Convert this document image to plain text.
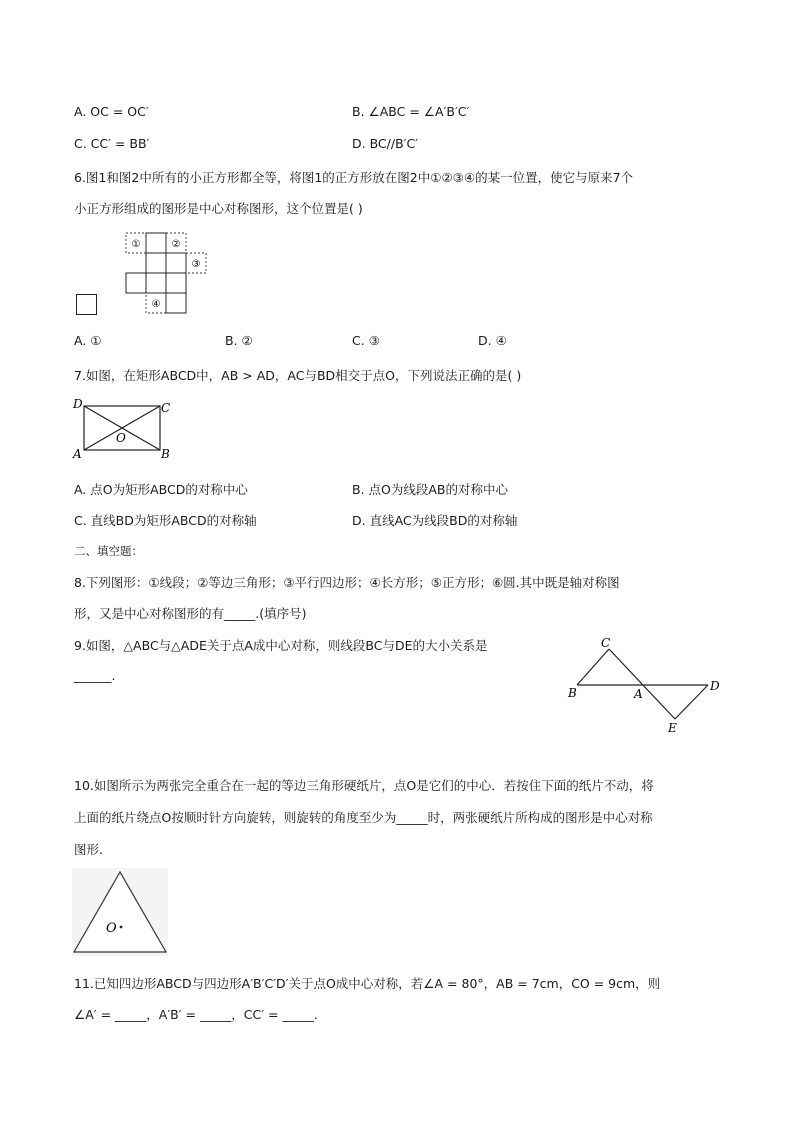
A. OC = OC′	B. ∠ABC = ∠A′B′C′
C. CC′ = BB′	D. BC//B′C′
6.图1和图2中所有的小正方形都全等，将图1的正方形放在图2中①②③④的某一位置，使它与原来7个
小正方形组成的图形是中心对称图形，这个位置是( )
①	②
③
④
A. ①	B. ②	C. ③	D. ④
7.如图，在矩形ABCD中，AB > AD，AC与BD相交于点O，下列说法正确的是( )
D	C
A	B
O
A. 点O为矩形ABCD的对称中心	B. 点O为线段AB的对称中心
C. 直线BD为矩形ABCD的对称轴	D. 直线AC为线段BD的对称轴
二、填空题：
8.下列图形：①线段；②等边三角形；③平行四边形；④长方形；⑤正方形；⑥圆.其中既是轴对称图
形，又是中心对称图形的有_____.(填序号)
9.如图，△ABC与△ADE关于点A成中心对称，则线段BC与DE的大小关系是
______.
C
B	A
D
E
10.如图所示为两张完全重合在一起的等边三角形硬纸片，点O是它们的中心．若按住下面的纸片不动，将
上面的纸片绕点O按顺时针方向旋转，则旋转的角度至少为_____时，两张硬纸片所构成的图形是中心对称
图形．
O
11.已知四边形ABCD与四边形A′B′C′D′关于点O成中心对称，若∠A = 80°，AB = 7cm，CO = 9cm，则
∠A′ = _____，A′B′ = _____，CC′ = _____.
